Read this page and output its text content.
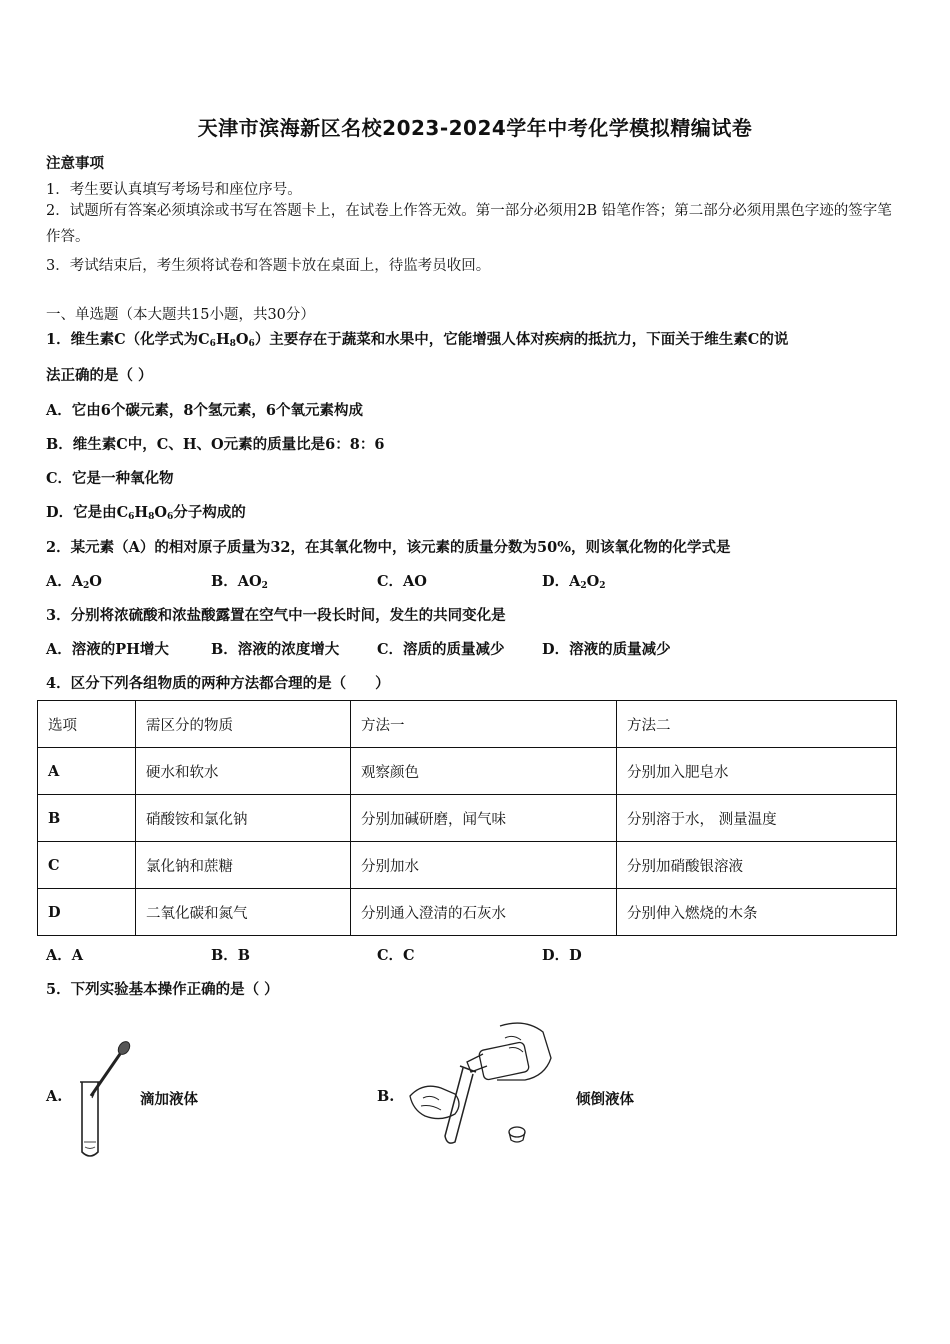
天津市滨海新区名校2023-2024学年中考化学模拟精编试卷
注意事项
1．考生要认真填写考场号和座位序号。
2．试题所有答案必须填涂或书写在答题卡上，在试卷上作答无效。第一部分必须用2B 铅笔作答；第二部分必须用黑色字迹的签字笔作答。
3．考试结束后，考生须将试卷和答题卡放在桌面上，待监考员收回。
一、单选题（本大题共15小题，共30分）
1．维生素C（化学式为$C_6H_8O_6$）主要存在于蔬菜和水果中，它能增强人体对疾病的抵抗力，下面关于维生素C的说
法正确的是（ ）
A．它由6个碳元素，8个氢元素，6个氧元素构成
B．维生素C中，C、H、O元素的质量比是6：8：6
C．它是一种氧化物
D．它是由$C_6H_8O_6$分子构成的
2．某元素（A）的相对原子质量为32，在其氧化物中，该元素的质量分数为50%，则该氧化物的化学式是
A．$A_2O$	B．$AO_2$	C．AO	D．$A_2O_2$
3．分别将浓硫酸和浓盐酸露置在空气中一段长时间，发生的共同变化是
A．溶液的PH增大	B．溶液的浓度增大	C．溶质的质量减少	D．溶液的质量减少
4．区分下列各组物质的两种方法都合理的是（　　）
选项	需区分的物质	方法一	方法二
A	硬水和软水	观察颜色	分别加入肥皂水
B	硝酸铵和氯化钠	分别加碱研磨，闻气味	分别溶于水， 测量温度
C	氯化钠和蔗糖	分别加水	分别加硝酸银溶液
D	二氧化碳和氮气	分别通入澄清的石灰水	分别伸入燃烧的木条
A．A	B．B	C．C	D．D
5．下列实验基本操作正确的是（ ）
A.	滴加液体	B.	倾倒液体
